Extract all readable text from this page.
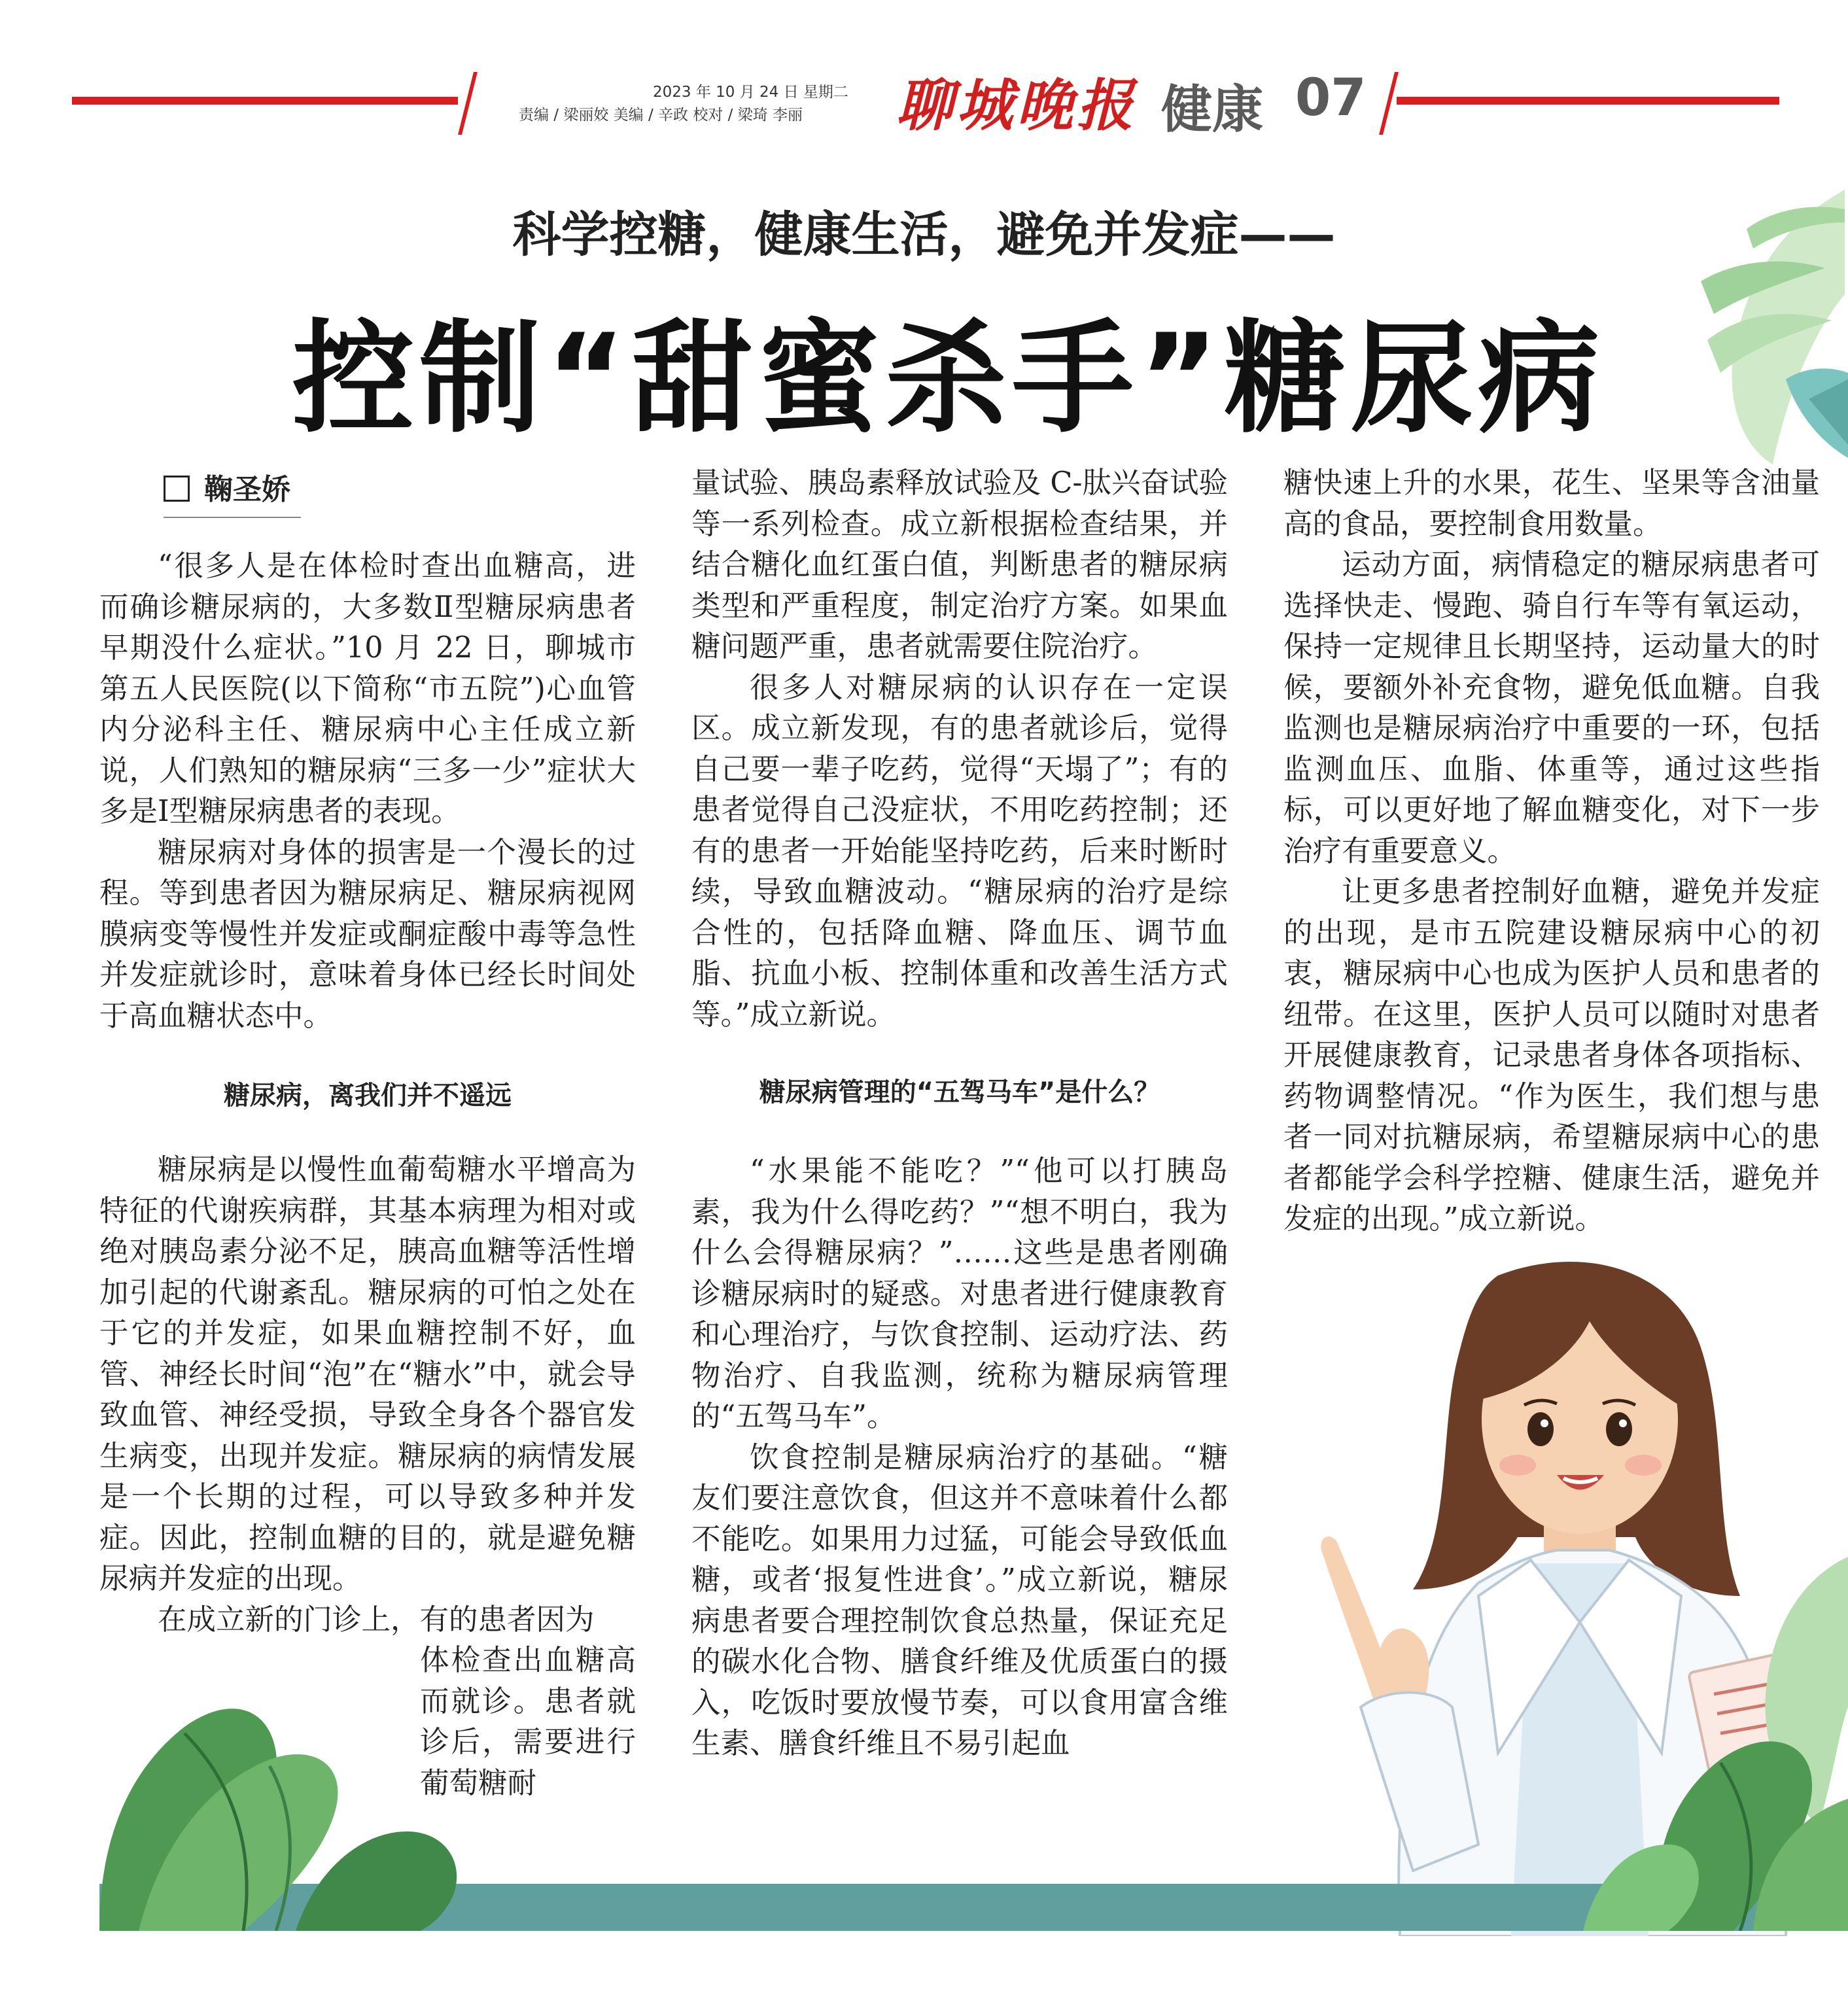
2023 年 10 月 24 日 星期二
责编 / 梁丽姣 美编 / 辛政 校对 / 梁琦 李丽 聊城晚报 健康 07
科学控糖，健康生活，避免并发症——
控制“甜蜜杀手”糖尿病
鞠圣娇

“很多人是在体检时查出血糖高，进而确诊糖尿病的，大多数Ⅱ型糖尿病患者早期没什么症状。”10 月 22 日，聊城市第五人民医院(以下简称“市五院”)心血管内分泌科主任、糖尿病中心主任成立新说，人们熟知的糖尿病“三多一少”症状大多是Ⅰ型糖尿病患者的表现。

糖尿病对身体的损害是一个漫长的过程。等到患者因为糖尿病足、糖尿病视网膜病变等慢性并发症或酮症酸中毒等急性并发症就诊时，意味着身体已经长时间处于高血糖状态中。

糖尿病，离我们并不遥远

糖尿病是以慢性血葡萄糖水平增高为特征的代谢疾病群，其基本病理为相对或绝对胰岛素分泌不足，胰高血糖等活性增加引起的代谢紊乱。糖尿病的可怕之处在于它的并发症，如果血糖控制不好，血管、神经长时间“泡”在“糖水”中，就会导致血管、神经受损，导致全身各个器官发生病变，出现并发症。糖尿病的病情发展是一个长期的过程，可以导致多种并发症。因此，控制血糖的目的，就是避免糖尿病并发症的出现。

在成立新的门诊上，有的患者因为

体检查出血糖高而就诊。患者就诊后，需要进行葡萄糖耐

量试验、胰岛素释放试验及 C-肽兴奋试验等一系列检查。成立新根据检查结果，并结合糖化血红蛋白值，判断患者的糖尿病类型和严重程度，制定治疗方案。如果血糖问题严重，患者就需要住院治疗。

很多人对糖尿病的认识存在一定误区。成立新发现，有的患者就诊后，觉得自己要一辈子吃药，觉得“天塌了”；有的患者觉得自己没症状，不用吃药控制；还有的患者一开始能坚持吃药，后来时断时续，导致血糖波动。“糖尿病的治疗是综合性的，包括降血糖、降血压、调节血脂、抗血小板、控制体重和改善生活方式等。”成立新说。

糖尿病管理的“五驾马车”是什么？

“水果能不能吃？”“他可以打胰岛素，我为什么得吃药？”“想不明白，我为什么会得糖尿病？”……这些是患者刚确诊糖尿病时的疑惑。对患者进行健康教育和心理治疗，与饮食控制、运动疗法、药物治疗、自我监测，统称为糖尿病管理的“五驾马车”。

饮食控制是糖尿病治疗的基础。“糖友们要注意饮食，但这并不意味着什么都不能吃。如果用力过猛，可能会导致低血糖，或者‘报复性进食’。”成立新说，糖尿病患者要合理控制饮食总热量，保证充足的碳水化合物、膳食纤维及优质蛋白的摄入，吃饭时要放慢节奏，可以食用富含维生素、膳食纤维且不易引起血

糖快速上升的水果，花生、坚果等含油量高的食品，要控制食用数量。

运动方面，病情稳定的糖尿病患者可选择快走、慢跑、骑自行车等有氧运动，保持一定规律且长期坚持，运动量大的时候，要额外补充食物，避免低血糖。自我监测也是糖尿病治疗中重要的一环，包括监测血压、血脂、体重等，通过这些指标，可以更好地了解血糖变化，对下一步治疗有重要意义。

让更多患者控制好血糖，避免并发症的出现，是市五院建设糖尿病中心的初衷，糖尿病中心也成为医护人员和患者的纽带。在这里，医护人员可以随时对患者开展健康教育，记录患者身体各项指标、药物调整情况。“作为医生，我们想与患者一同对抗糖尿病，希望糖尿病中心的患者都能学会科学控糖、健康生活，避免并发症的出现。”成立新说。
